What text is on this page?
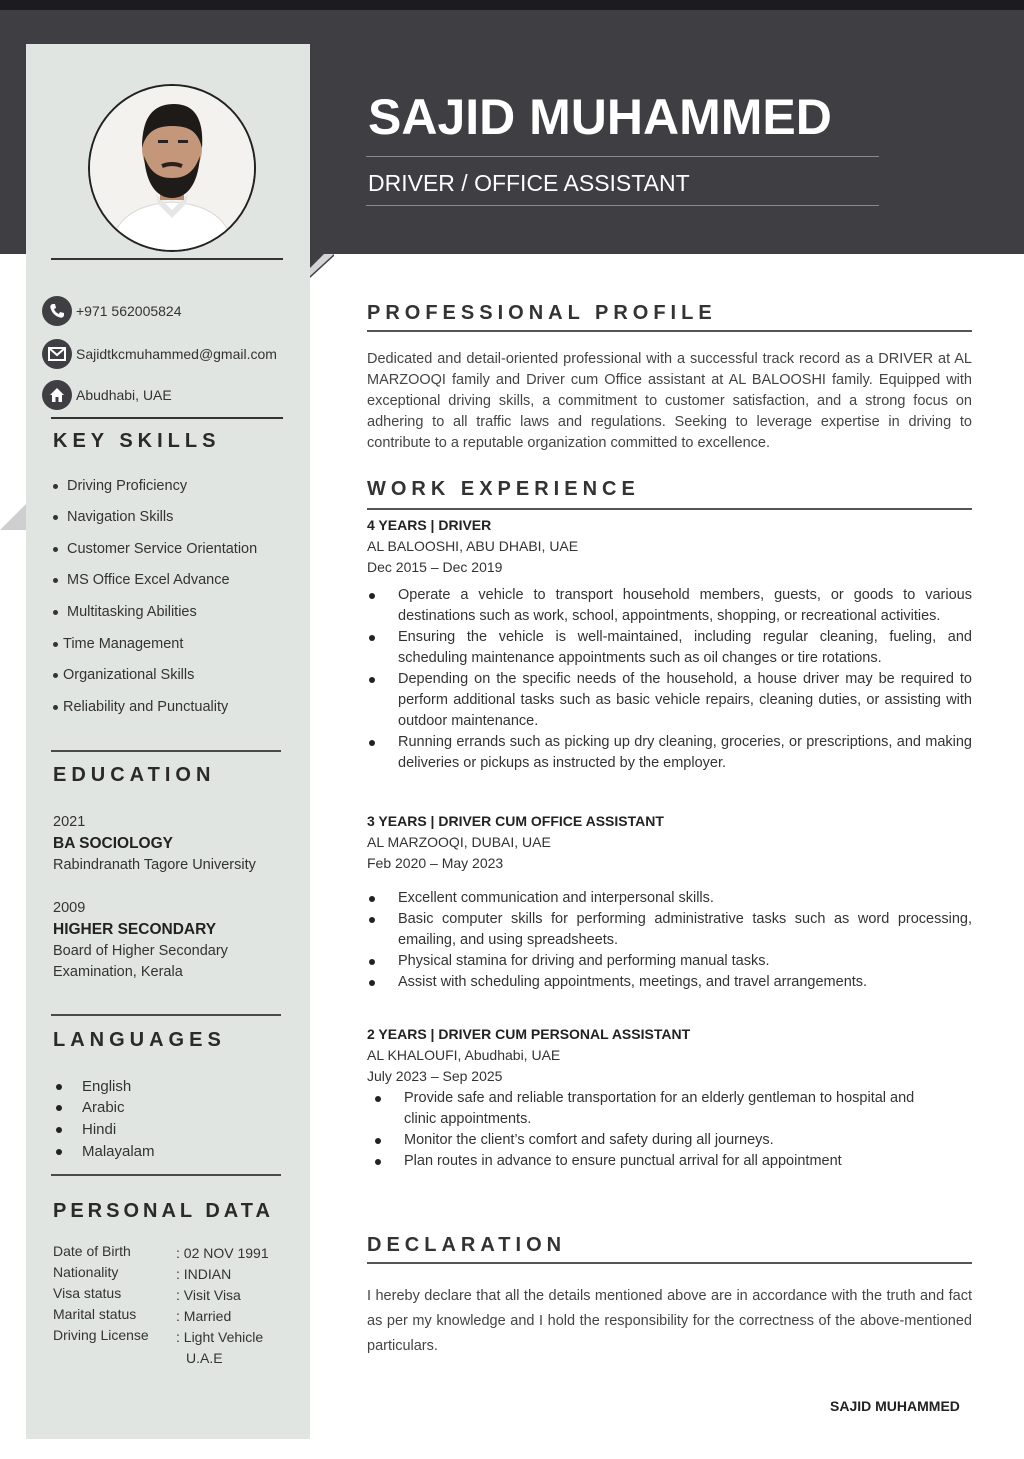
+971 562005824
Sajidtkcmuhammed@gmail.com
Abudhabi, UAE
KEY SKILLS
Driving Proficiency
Navigation Skills
Customer Service Orientation
MS Office Excel Advance
Multitasking Abilities
Time Management
Organizational Skills
Reliability and Punctuality
EDUCATION
2021
BA SOCIOLOGY
Rabindranath Tagore University
2009
HIGHER SECONDARY
Board of Higher Secondary
Examination, Kerala
LANGUAGES
English
Arabic
Hindi
Malayalam
PERSONAL DATA
Date of Birth	: 02 NOV 1991
Nationality	: INDIAN
Visa status	: Visit Visa
Marital status	: Married
Driving License	: Light Vehicle
U.A.E
SAJID MUHAMMED
DRIVER / OFFICE ASSISTANT
PROFESSIONAL PROFILE
Dedicated and detail-oriented professional with a successful track record as a DRIVER at AL MARZOOQI family and Driver cum Office assistant at AL BALOOSHI family. Equipped with exceptional driving skills, a commitment to customer satisfaction, and a strong focus on adhering to all traffic laws and regulations. Seeking to leverage expertise in driving to contribute to a reputable organization committed to excellence.
WORK EXPERIENCE
4 YEARS | DRIVER
AL BALOOSHI, ABU DHABI, UAE
Dec 2015 – Dec 2019
Operate a vehicle to transport household members, guests, or goods to various destinations such as work, school, appointments, shopping, or recreational activities.
Ensuring the vehicle is well-maintained, including regular cleaning, fueling, and scheduling maintenance appointments such as oil changes or tire rotations.
Depending on the specific needs of the household, a house driver may be required to perform additional tasks such as basic vehicle repairs, cleaning duties, or assisting with outdoor maintenance.
Running errands such as picking up dry cleaning, groceries, or prescriptions, and making deliveries or pickups as instructed by the employer.
3 YEARS | DRIVER CUM OFFICE ASSISTANT
AL MARZOOQI, DUBAI, UAE
Feb 2020 – May 2023
Excellent communication and interpersonal skills.
Basic computer skills for performing administrative tasks such as word processing, emailing, and using spreadsheets.
Physical stamina for driving and performing manual tasks.
Assist with scheduling appointments, meetings, and travel arrangements.
2 YEARS | DRIVER CUM PERSONAL ASSISTANT
AL KHALOUFI, Abudhabi, UAE
July 2023 – Sep 2025
Provide safe and reliable transportation for an elderly gentleman to hospital and clinic appointments.
Monitor the client’s comfort and safety during all journeys.
Plan routes in advance to ensure punctual arrival for all appointment
DECLARATION
I hereby declare that all the details mentioned above are in accordance with the truth and fact as per my knowledge and I hold the responsibility for the correctness of the above-mentioned particulars.
SAJID MUHAMMED
